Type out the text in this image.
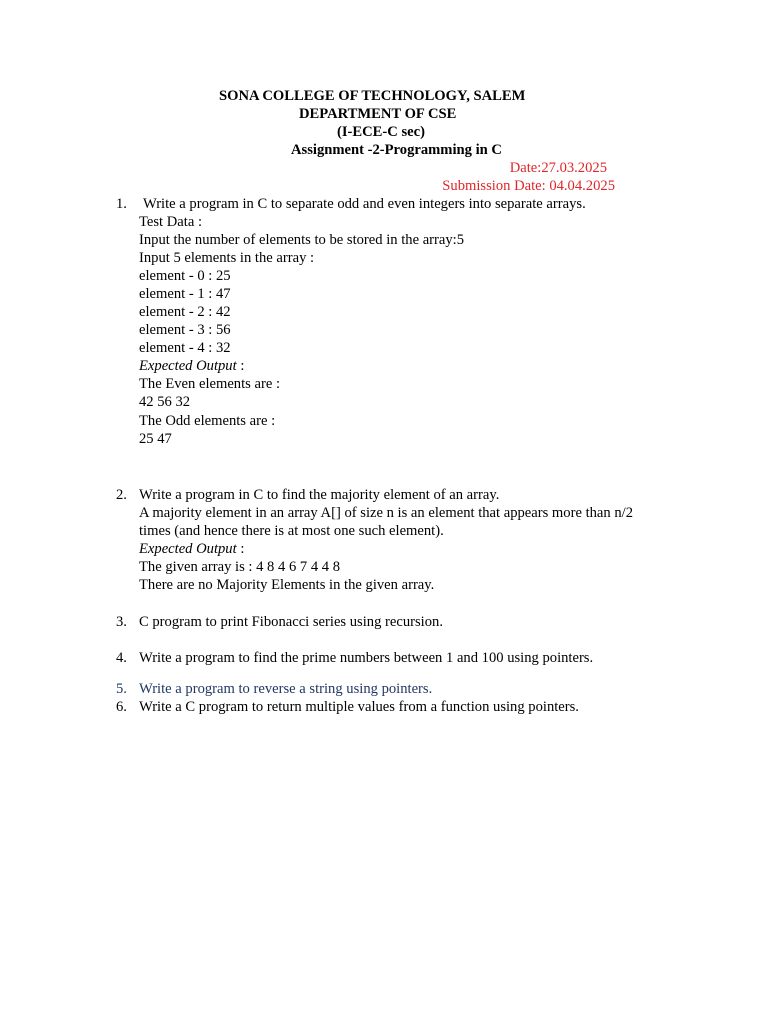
SONA COLLEGE OF TECHNOLOGY, SALEM
DEPARTMENT OF CSE
(I-ECE-C sec)
Assignment -2-Programming in C
Date:27.03.2025
Submission Date: 04.04.2025
1. Write a program in C to separate odd and even integers into separate arrays.
Test Data :
Input the number of elements to be stored in the array:5
Input 5 elements in the array :
element - 0 : 25
element - 1 : 47
element - 2 : 42
element - 3 : 56
element - 4 : 32
Expected Output :
The Even elements are :
42 56 32
The Odd elements are :
25 47
2. Write a program in C to find the majority element of an array.
A majority element in an array A[] of size n is an element that appears more than n/2
times (and hence there is at most one such element).
Expected Output :
The given array is : 4 8 4 6 7 4 4 8
There are no Majority Elements in the given array.
3. C program to print Fibonacci series using recursion.
4. Write a program to find the prime numbers between 1 and 100 using pointers.
5. Write a program to reverse a string using pointers.
6. Write a C program to return multiple values from a function using pointers.
